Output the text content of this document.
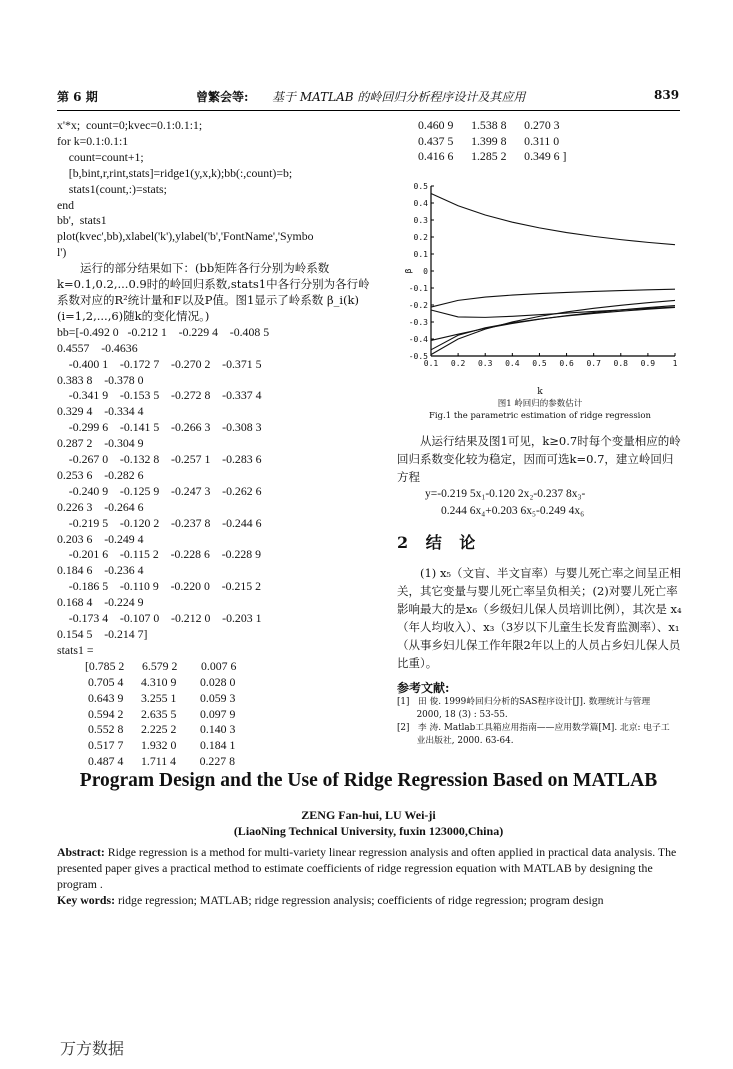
第 6 期	曾繁会等: 基于 MATLAB 的岭回归分析程序设计及其应用	839
x'*x;  count=0;kvec=0.1:0.1:1;
for k=0.1:0.1:1
count=count+1;
[b,bint,r,rint,stats]=ridge1(y,x,k);bb(:,count)=b;
stats1(count,:)=stats;
end
bb',  stats1
plot(kvec',bb),xlabel('k'),ylabel('b','FontName','Symbo
l')

运行的部分结果如下：(bb矩阵各行分别为岭系数k=0.1,0.2,...0.9时的岭回归系数,stats1中各行分别为各行岭系数对应的R²统计量和F以及P值。图1显示了岭系数 β_i(k)(i=1,2,...,6)随k的变化情况。)

bb=[-0.492 0   -0.212 1    -0.229 4    -0.408 5
0.4557    -0.4636
-0.400 1    -0.172 7    -0.270 2    -0.371 5
0.383 8    -0.378 0
-0.341 9    -0.153 5    -0.272 8    -0.337 4
0.329 4    -0.334 4
-0.299 6    -0.141 5    -0.266 3    -0.308 3
0.287 2    -0.304 9
-0.267 0    -0.132 8    -0.257 1    -0.283 6
0.253 6    -0.282 6
-0.240 9    -0.125 9    -0.247 3    -0.262 6
0.226 3    -0.264 6
-0.219 5    -0.120 2    -0.237 8    -0.244 6
0.203 6    -0.249 4
-0.201 6    -0.115 2    -0.228 6    -0.228 9
0.184 6    -0.236 4
-0.186 5    -0.110 9    -0.220 0    -0.215 2
0.168 4    -0.224 9
-0.173 4    -0.107 0    -0.212 0    -0.203 1
0.154 5    -0.214 7]
stats1 =
[0.785 2      6.579 2        0.007 6
0.705 4      4.310 9        0.028 0
0.643 9      3.255 1        0.059 3
0.594 2      2.635 5        0.097 9
0.552 8      2.225 2        0.140 3
0.517 7      1.932 0        0.184 1
0.487 4      1.711 4        0.227 8
0.460 9      1.538 8      0.270 3
0.437 5      1.399 8      0.311 0
0.416 6      1.285 2      0.349 6 ]
0.5
0.4
0.3
0.2
0.1
0
-0.1
-0.2
-0.3
-0.4
-0.5
0.1 0.2 0.3 0.4 0.5 0.6 0.7 0.8 0.9 1
β
k
图1 岭回归的参数估计
Fig.1 the parametric estimation of ridge regression

从运行结果及图1可见，k≥0.7时每个变量相应的岭回归系数变化较为稳定，因而可选k=0.7，建立岭回归方程

y=-0.219 5x₁-0.120 2x₂-0.237 8x₃-

0.244 6x₄+0.203 6x₅-0.249 4x₆

2 结 论

(1) x₅（文盲、半文盲率）与婴儿死亡率之间呈正相关，其它变量与婴儿死亡率呈负相关；(2)对婴儿死亡率影响最大的是x₆（乡级妇儿保人员培训比例），其次是 x₄（年人均收入）、x₃（3岁以下儿童生长发育监测率）、x₁（从事乡妇儿保工作年限2年以上的人员占乡妇儿保人员比重）。

参考文献:

[1]   田 俊. 1999岭回归分析的SAS程序设计[J]. 数理统计与管理
2000, 18 (3) : 53-55.
[2]   李 涛. Matlab工具箱应用指南——应用数学篇[M]. 北京: 电子工
业出版社, 2000. 63-64.
Program Design and the Use of Ridge Regression Based on MATLAB
ZENG Fan-hui, LU Wei-ji
(LiaoNing Technical University, fuxin 123000,China)

Abstract: Ridge regression is a method for multi-variety linear regression analysis and often applied in practical data analysis. The presented paper gives a practical method to estimate coefficients of ridge regression equation with MATLAB by designing the program .

Key words: ridge regression; MATLAB; ridge regression analysis; coefficients of ridge regression; program design

万方数据
